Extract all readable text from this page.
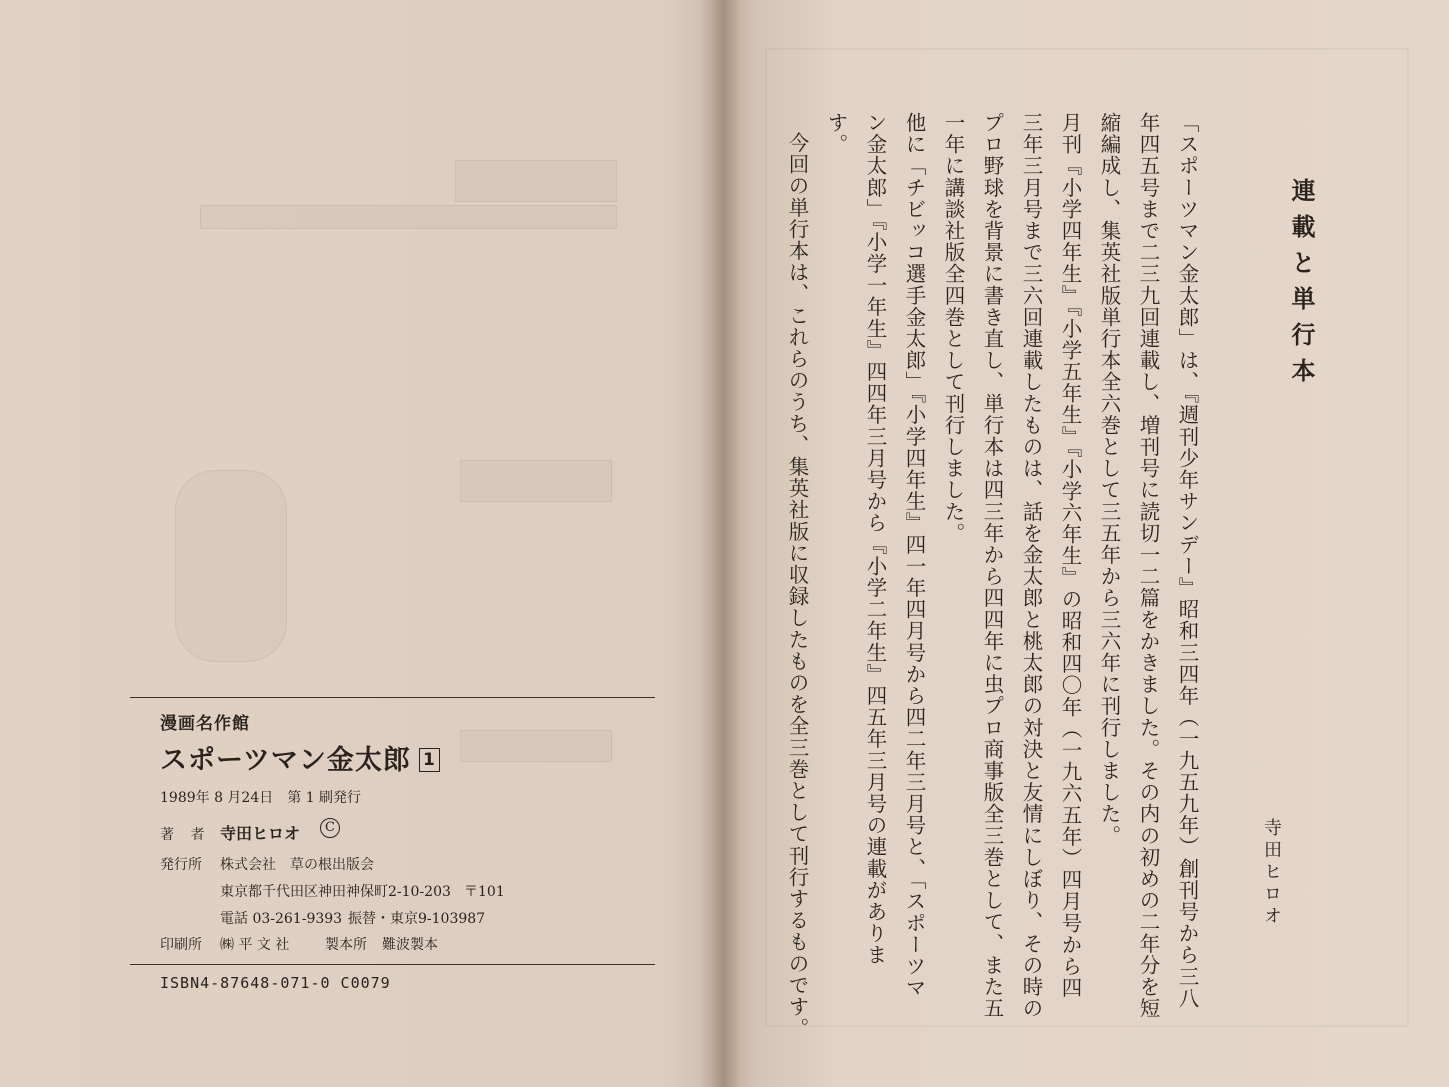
漫画名作館
スポーツマン金太郎 1
1989年 8 月24日　第 1 刷発行
著 者 寺田ヒロオ	C
発行所 株式会社　草の根出版会
東京都千代田区神田神保町2-10-203 〒101
電話 03-261-9393 振替・東京9-103987
印刷所 ㈱ 平 文 社	製本所 難波製本
ISBN4-87648-071-0 C0079
連載と単行本
寺田ヒロオ
「スポーツマン金太郎」は、『週刊少年サンデー』昭和三四年（一九五九年）創刊号から三八
年四五号まで二三九回連載し、増刊号に読切一二篇をかきました。その内の初めの二年分を短
縮編成し、集英社版単行本全六巻として三五年から三六年に刊行しました。
月刊『小学四年生』『小学五年生』『小学六年生』の昭和四〇年（一九六五年）四月号から四
三年三月号まで三六回連載したものは、話を金太郎と桃太郎の対決と友情にしぼり、その時の
プロ野球を背景に書き直し、単行本は四三年から四四年に虫プロ商事版全三巻として、また五
一年に講談社版全四巻として刊行しました。
他に「チビッコ選手金太郎」『小学四年生』四一年四月号から四二年三月号と、「スポーツマ
ン金太郎」『小学一年生』四四年三月号から『小学二年生』四五年三月号の連載がありま
す。
今回の単行本は、これらのうち、集英社版に収録したものを全三巻として刊行するものです。
